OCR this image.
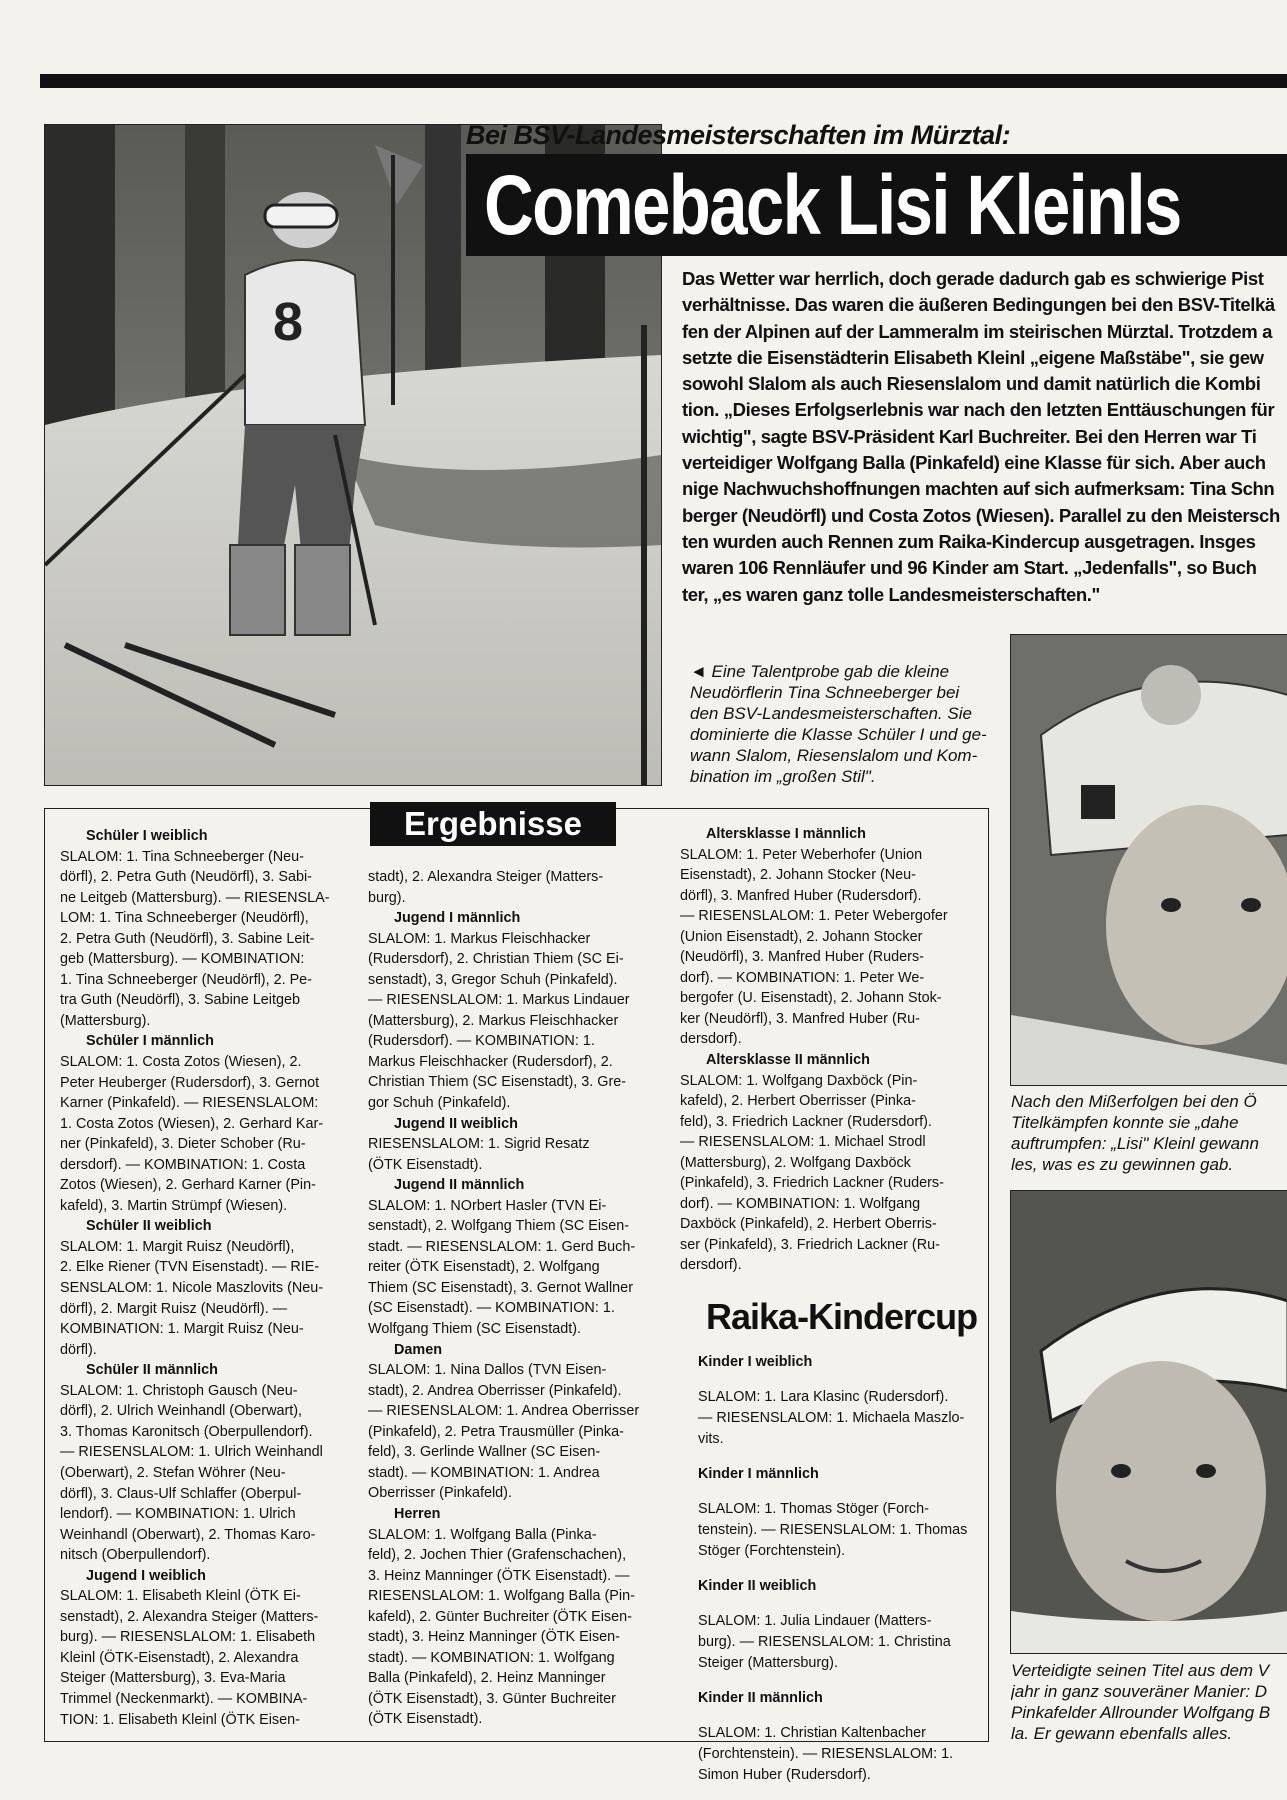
8
Bei BSV-Landesmeisterschaften im Mürztal:
Comeback Lisi Kleinls
Das Wetter war herrlich, doch gerade dadurch gab es schwierige Pist
verhältnisse. Das waren die äußeren Bedingungen bei den BSV-Titelkä
fen der Alpinen auf der Lammeralm im steirischen Mürztal. Trotzdem a
setzte die Eisenstädterin Elisabeth Kleinl „eigene Maßstäbe", sie gew
sowohl Slalom als auch Riesenslalom und damit natürlich die Kombi
tion. „Dieses Erfolgserlebnis war nach den letzten Enttäuschungen für
wichtig", sagte BSV-Präsident Karl Buchreiter. Bei den Herren war Ti
verteidiger Wolfgang Balla (Pinkafeld) eine Klasse für sich. Aber auch
nige Nachwuchshoffnungen machten auf sich aufmerksam: Tina Schn
berger (Neudörfl) und Costa Zotos (Wiesen). Parallel zu den Meistersch
ten wurden auch Rennen zum Raika-Kindercup ausgetragen. Insges
waren 106 Rennläufer und 96 Kinder am Start. „Jedenfalls", so Buch
ter, „es waren ganz tolle Landesmeisterschaften."
◄ Eine Talentprobe gab die kleine
Neudörflerin Tina Schneeberger bei
den BSV-Landesmeisterschaften. Sie
dominierte die Klasse Schüler I und ge-
wann Slalom, Riesenslalom und Kom-
bination im „großen Stil".
Nach den Mißerfolgen bei den Ö
Titelkämpfen konnte sie „dahe
auftrumpfen: „Lisi" Kleinl gewann
les, was es zu gewinnen gab.
Verteidigte seinen Titel aus dem V
jahr in ganz souveräner Manier: D
Pinkafelder Allrounder Wolfgang B
la. Er gewann ebenfalls alles.
Ergebnisse
Schüler I weiblich
SLALOM: 1. Tina Schneeberger (Neu-
dörfl), 2. Petra Guth (Neudörfl), 3. Sabi-
ne Leitgeb (Mattersburg). — RIESENSLA-
LOM: 1. Tina Schneeberger (Neudörfl),
2. Petra Guth (Neudörfl), 3. Sabine Leit-
geb (Mattersburg). — KOMBINATION:
1. Tina Schneeberger (Neudörfl), 2. Pe-
tra Guth (Neudörfl), 3. Sabine Leitgeb
(Mattersburg).
Schüler I männlich
SLALOM: 1. Costa Zotos (Wiesen), 2.
Peter Heuberger (Rudersdorf), 3. Gernot
Karner (Pinkafeld). — RIESENSLALOM:
1. Costa Zotos (Wiesen), 2. Gerhard Kar-
ner (Pinkafeld), 3. Dieter Schober (Ru-
dersdorf). — KOMBINATION: 1. Costa
Zotos (Wiesen), 2. Gerhard Karner (Pin-
kafeld), 3. Martin Strümpf (Wiesen).
Schüler II weiblich
SLALOM: 1. Margit Ruisz (Neudörfl),
2. Elke Riener (TVN Eisenstadt). — RIE-
SENSLALOM: 1. Nicole Maszlovits (Neu-
dörfl), 2. Margit Ruisz (Neudörfl). —
KOMBINATION: 1. Margit Ruisz (Neu-
dörfl).
Schüler II männlich
SLALOM: 1. Christoph Gausch (Neu-
dörfl), 2. Ulrich Weinhandl (Oberwart),
3. Thomas Karonitsch (Oberpullendorf).
— RIESENSLALOM: 1. Ulrich Weinhandl
(Oberwart), 2. Stefan Wöhrer (Neu-
dörfl), 3. Claus-Ulf Schlaffer (Oberpul-
lendorf). — KOMBINATION: 1. Ulrich
Weinhandl (Oberwart), 2. Thomas Karo-
nitsch (Oberpullendorf).
Jugend I weiblich
SLALOM: 1. Elisabeth Kleinl (ÖTK Ei-
senstadt), 2. Alexandra Steiger (Matters-
burg). — RIESENSLALOM: 1. Elisabeth
Kleinl (ÖTK-Eisenstadt), 2. Alexandra
Steiger (Mattersburg), 3. Eva-Maria
Trimmel (Neckenmarkt). — KOMBINA-
TION: 1. Elisabeth Kleinl (ÖTK Eisen-
stadt), 2. Alexandra Steiger (Matters-
burg).
Jugend I männlich
SLALOM: 1. Markus Fleischhacker
(Rudersdorf), 2. Christian Thiem (SC Ei-
senstadt), 3, Gregor Schuh (Pinkafeld).
— RIESENSLALOM: 1. Markus Lindauer
(Mattersburg), 2. Markus Fleischhacker
(Rudersdorf). — KOMBINATION: 1.
Markus Fleischhacker (Rudersdorf), 2.
Christian Thiem (SC Eisenstadt), 3. Gre-
gor Schuh (Pinkafeld).
Jugend II weiblich
RIESENSLALOM: 1. Sigrid Resatz
(ÖTK Eisenstadt).
Jugend II männlich
SLALOM: 1. NOrbert Hasler (TVN Ei-
senstadt), 2. Wolfgang Thiem (SC Eisen-
stadt. — RIESENSLALOM: 1. Gerd Buch-
reiter (ÖTK Eisenstadt), 2. Wolfgang
Thiem (SC Eisenstadt), 3. Gernot Wallner
(SC Eisenstadt). — KOMBINATION: 1.
Wolfgang Thiem (SC Eisenstadt).
Damen
SLALOM: 1. Nina Dallos (TVN Eisen-
stadt), 2. Andrea Oberrisser (Pinkafeld).
— RIESENSLALOM: 1. Andrea Oberrisser
(Pinkafeld), 2. Petra Trausmüller (Pinka-
feld), 3. Gerlinde Wallner (SC Eisen-
stadt). — KOMBINATION: 1. Andrea
Oberrisser (Pinkafeld).
Herren
SLALOM: 1. Wolfgang Balla (Pinka-
feld), 2. Jochen Thier (Grafenschachen),
3. Heinz Manninger (ÖTK Eisenstadt). —
RIESENSLALOM: 1. Wolfgang Balla (Pin-
kafeld), 2. Günter Buchreiter (ÖTK Eisen-
stadt), 3. Heinz Manninger (ÖTK Eisen-
stadt). — KOMBINATION: 1. Wolfgang
Balla (Pinkafeld), 2. Heinz Manninger
(ÖTK Eisenstadt), 3. Günter Buchreiter
(ÖTK Eisenstadt).
Altersklasse I männlich
SLALOM: 1. Peter Weberhofer (Union
Eisenstadt), 2. Johann Stocker (Neu-
dörfl), 3. Manfred Huber (Rudersdorf).
— RIESENSLALOM: 1. Peter Webergofer
(Union Eisenstadt), 2. Johann Stocker
(Neudörfl), 3. Manfred Huber (Ruders-
dorf). — KOMBINATION: 1. Peter We-
bergofer (U. Eisenstadt), 2. Johann Stok-
ker (Neudörfl), 3. Manfred Huber (Ru-
dersdorf).
Altersklasse II männlich
SLALOM: 1. Wolfgang Daxböck (Pin-
kafeld), 2. Herbert Oberrisser (Pinka-
feld), 3. Friedrich Lackner (Rudersdorf).
— RIESENSLALOM: 1. Michael Strodl
(Mattersburg), 2. Wolfgang Daxböck
(Pinkafeld), 3. Friedrich Lackner (Ruders-
dorf). — KOMBINATION: 1. Wolfgang
Daxböck (Pinkafeld), 2. Herbert Oberris-
ser (Pinkafeld), 3. Friedrich Lackner (Ru-
dersdorf).
Raika-Kindercup
Kinder I weiblich
SLALOM: 1. Lara Klasinc (Rudersdorf).
— RIESENSLALOM: 1. Michaela Maszlo-
vits.
Kinder I männlich
SLALOM: 1. Thomas Stöger (Forch-
tenstein). — RIESENSLALOM: 1. Thomas
Stöger (Forchtenstein).
Kinder II weiblich
SLALOM: 1. Julia Lindauer (Matters-
burg). — RIESENSLALOM: 1. Christina
Steiger (Mattersburg).
Kinder II männlich
SLALOM: 1. Christian Kaltenbacher
(Forchtenstein). — RIESENSLALOM: 1.
Simon Huber (Rudersdorf).
